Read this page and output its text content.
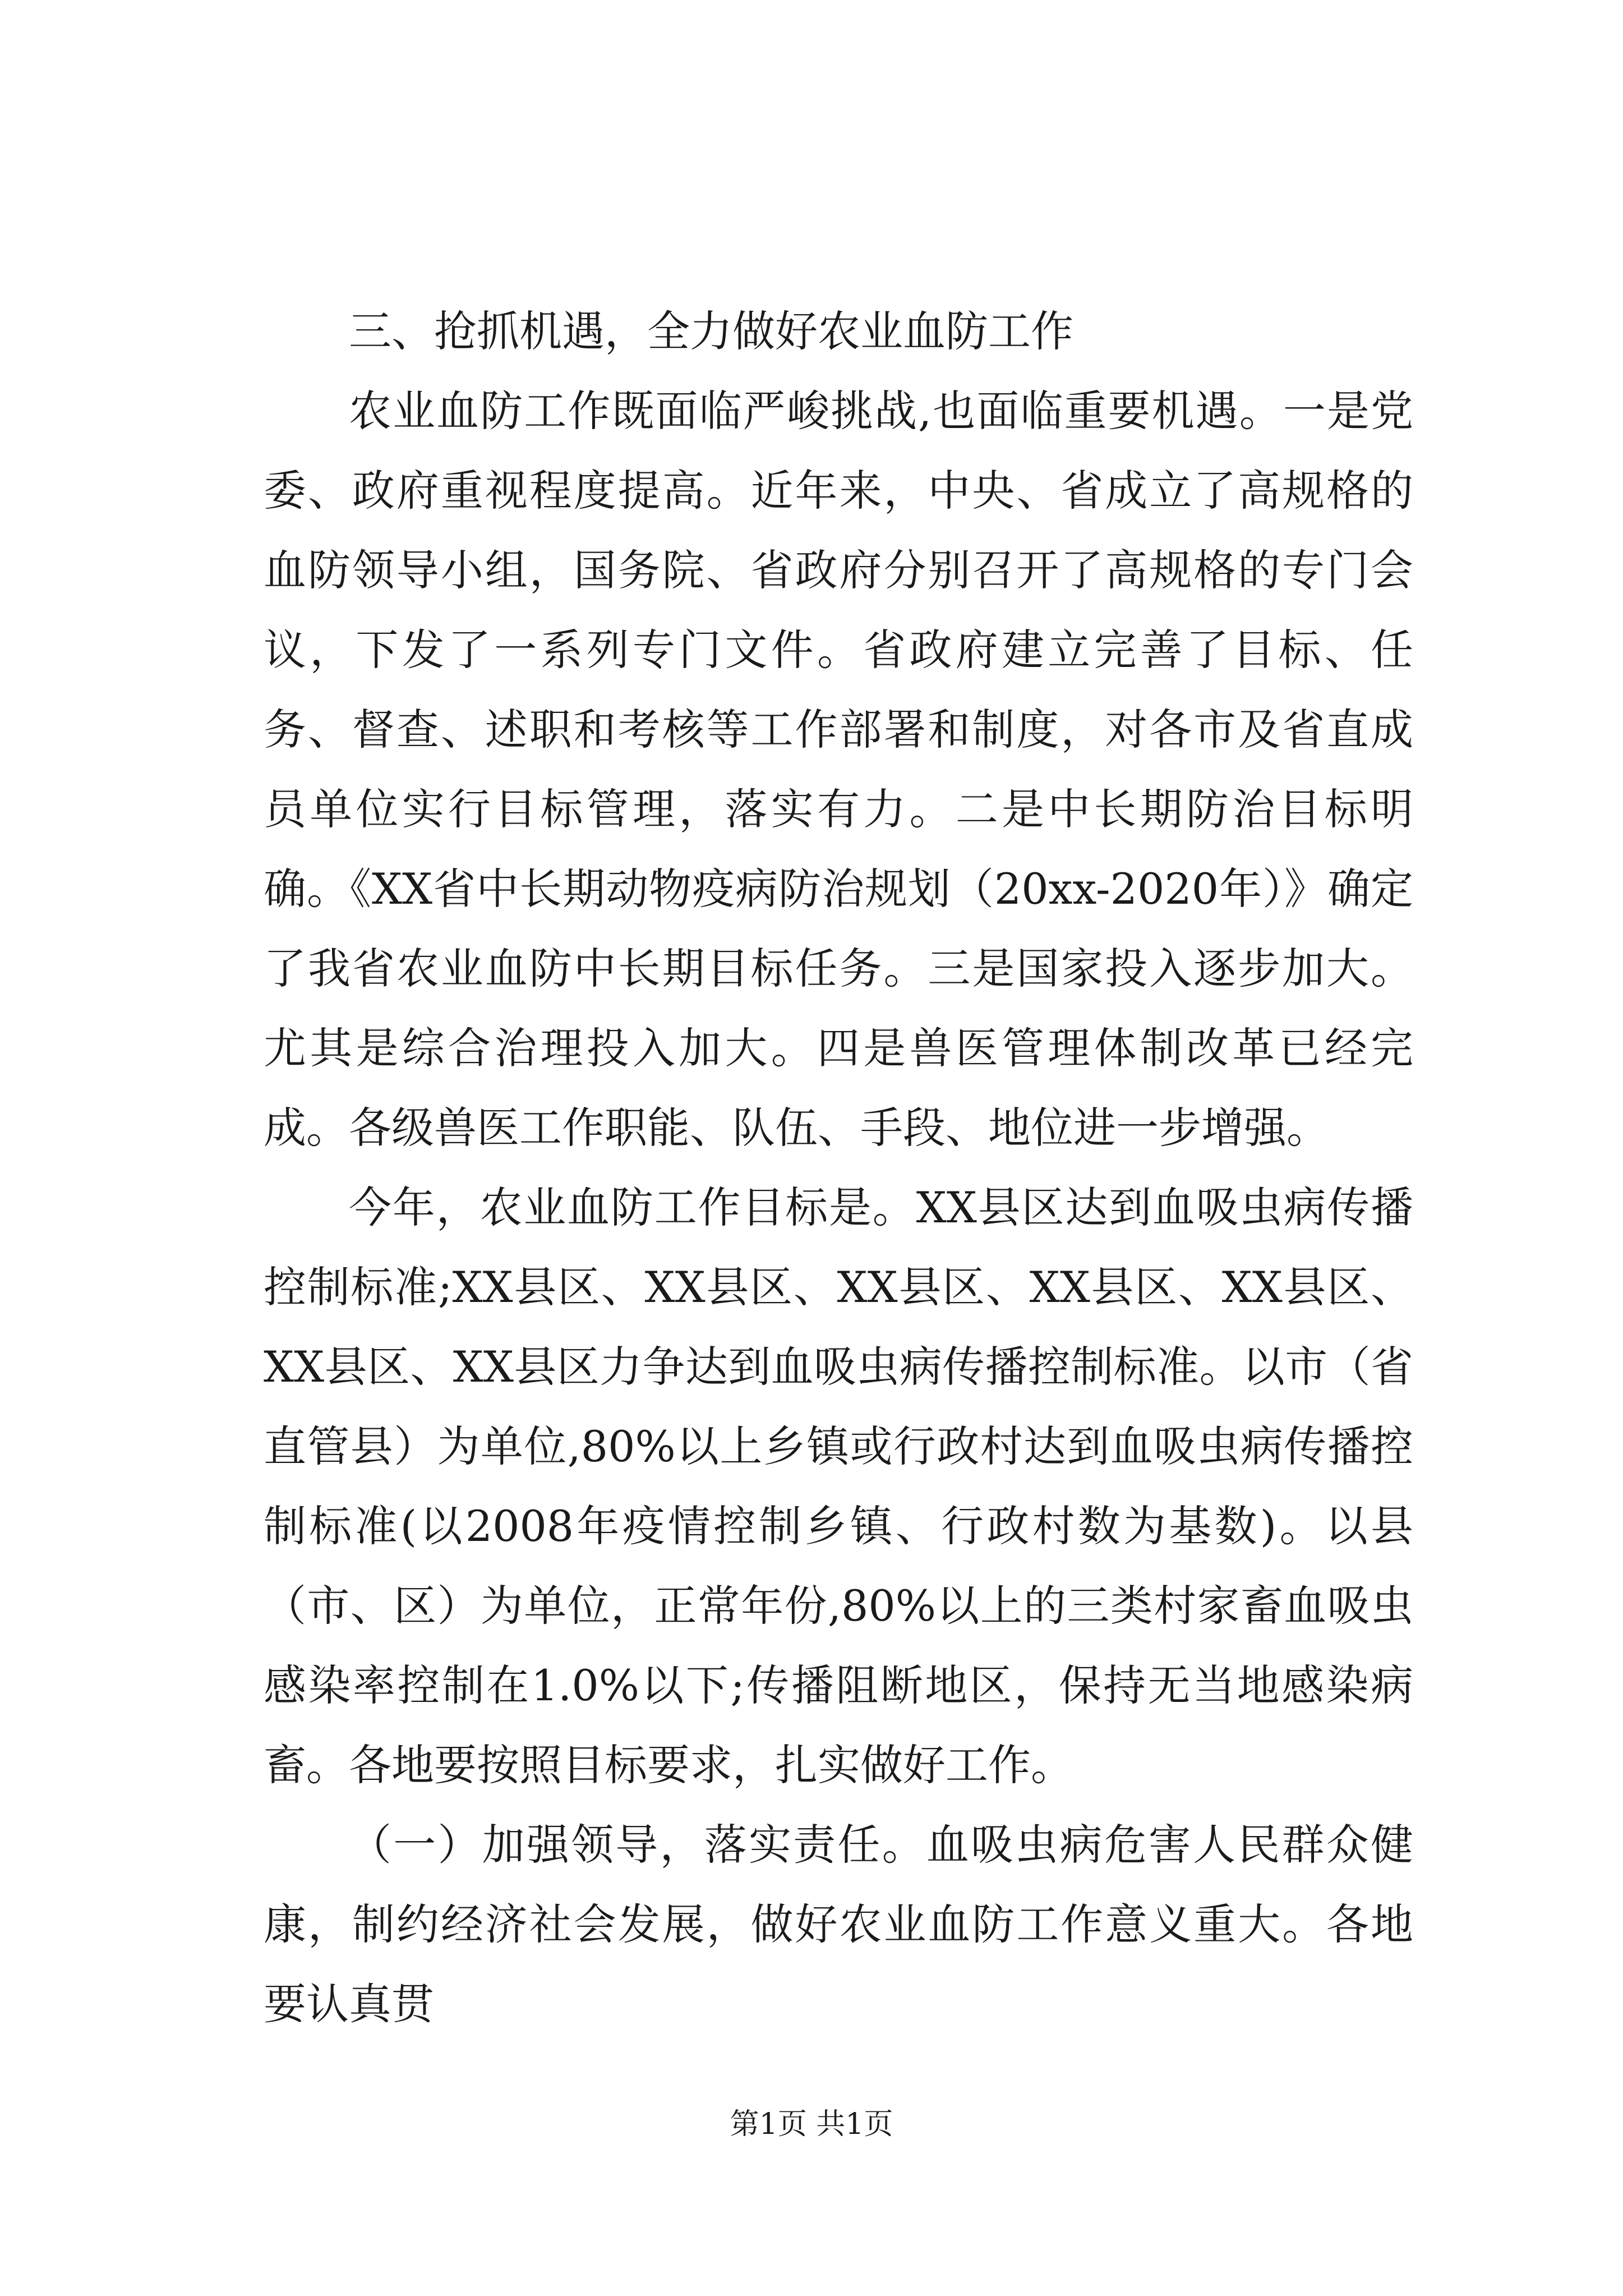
三、抢抓机遇，全力做好农业血防工作

农业血防工作既面临严峻挑战,也面临重要机遇。一是党委、政府重视程度提高。近年来，中央、省成立了高规格的血防领导小组，国务院、省政府分别召开了高规格的专门会议，下发了一系列专门文件。省政府建立完善了目标、任务、督查、述职和考核等工作部署和制度，对各市及省直成员单位实行目标管理，落实有力。二是中长期防治目标明确。《XX省中长期动物疫病防治规划（20xx-2020年）》确定了我省农业血防中长期目标任务。三是国家投入逐步加大。尤其是综合治理投入加大。四是兽医管理体制改革已经完成。各级兽医工作职能、队伍、手段、地位进一步增强。

今年，农业血防工作目标是。XX县区达到血吸虫病传播控制标准;XX县区、XX县区、XX县区、XX县区、XX县区、XX县区、XX县区力争达到血吸虫病传播控制标准。以市（省直管县）为单位,80%以上乡镇或行政村达到血吸虫病传播控制标准(以2008年疫情控制乡镇、行政村数为基数)。以县（市、区）为单位，正常年份,80%以上的三类村家畜血吸虫感染率控制在1.0%以下;传播阻断地区，保持无当地感染病畜。各地要按照目标要求，扎实做好工作。

（一）加强领导，落实责任。血吸虫病危害人民群众健康，制约经济社会发展，做好农业血防工作意义重大。各地要认真贯

第1页 共1页
